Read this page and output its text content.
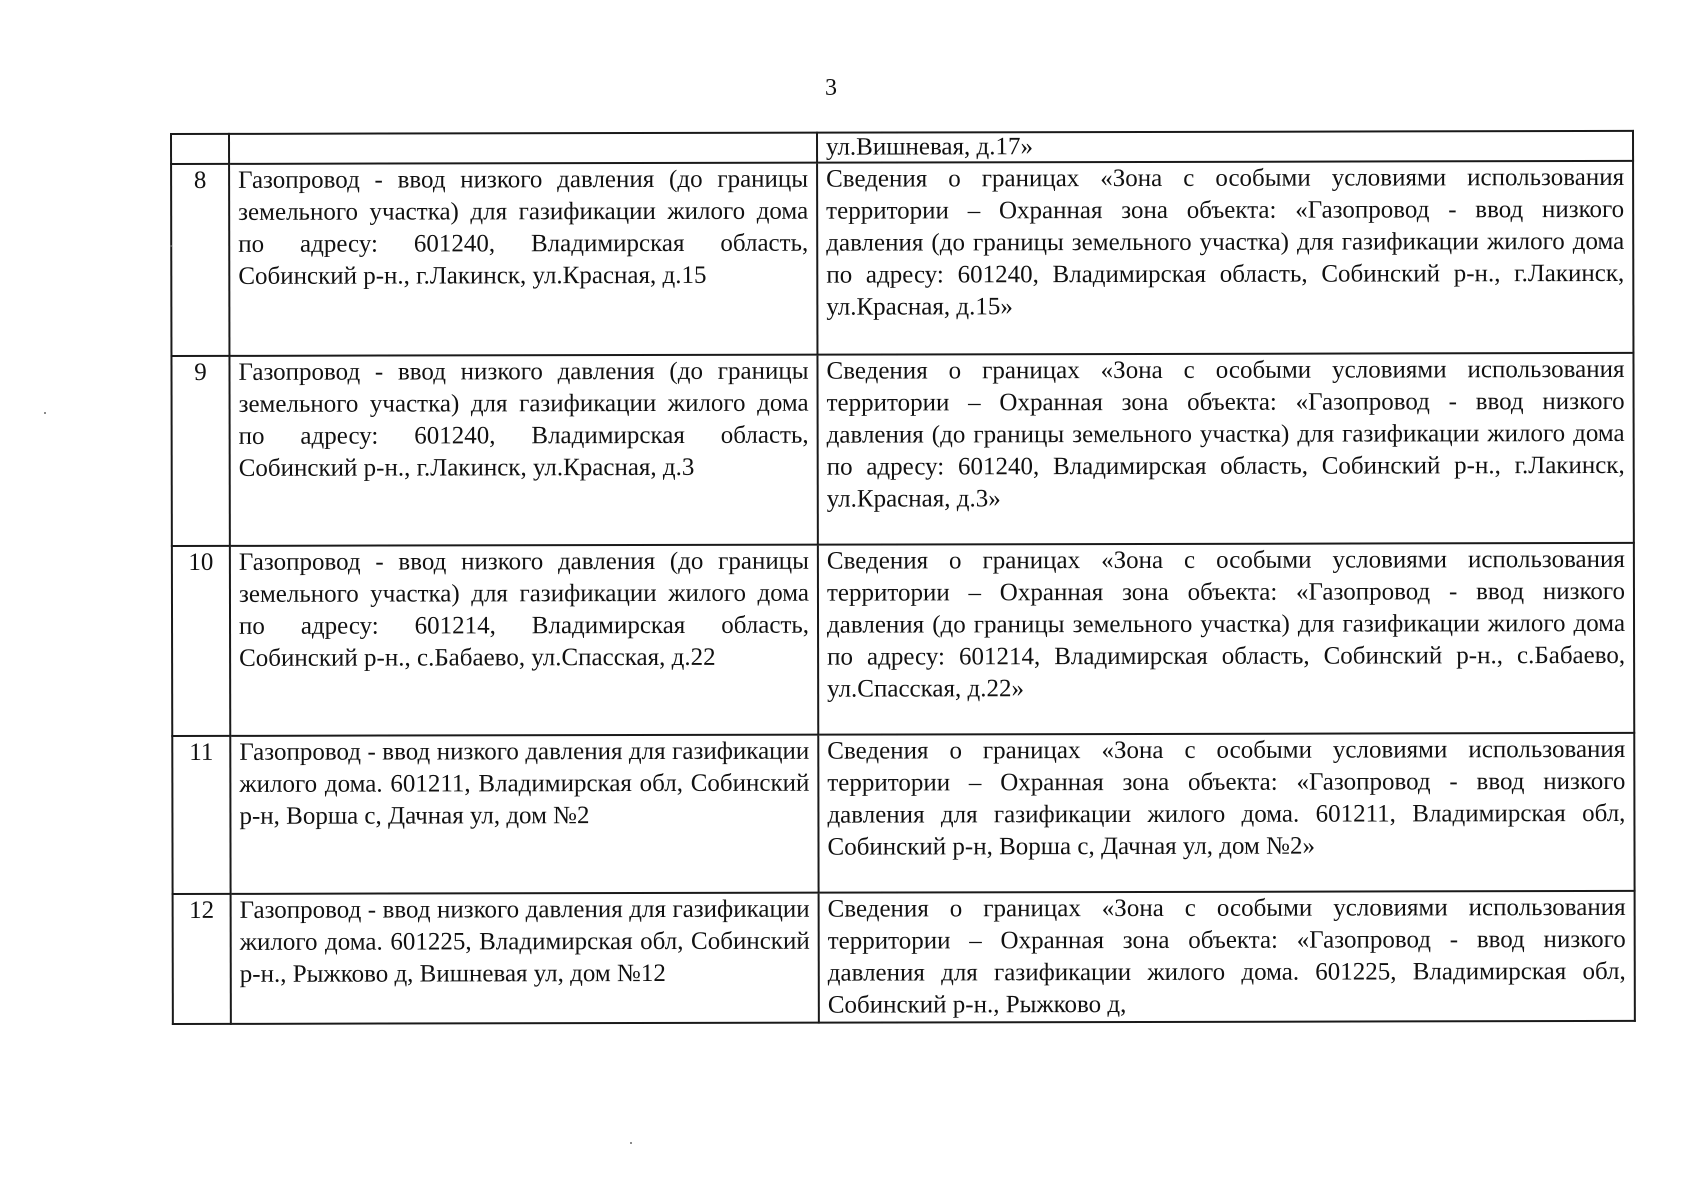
3
		ул.Вишневая, д.17»
8	Газопровод - ввод низкого давления (до границы земельного участка) для газификации жилого дома по адресу: 601240, Владимирская область, Собинский р-н., г.Лакинск, ул.Красная, д.15	Сведения о границах «Зона с особыми условиями использования территории – Охранная зона объекта: «Газопровод - ввод низкого давления (до границы земельного участка) для газификации жилого дома по адресу: 601240, Владимирская область, Собинский р-н., г.Лакинск, ул.Красная, д.15»
9	Газопровод - ввод низкого давления (до границы земельного участка) для газификации жилого дома по адресу: 601240, Владимирская область, Собинский р-н., г.Лакинск, ул.Красная, д.3	Сведения о границах «Зона с особыми условиями использования территории – Охранная зона объекта: «Газопровод - ввод низкого давления (до границы земельного участка) для газификации жилого дома по адресу: 601240, Владимирская область, Собинский р-н., г.Лакинск, ул.Красная, д.3»
10	Газопровод - ввод низкого давления (до границы земельного участка) для газификации жилого дома по адресу: 601214, Владимирская область, Собинский р-н., с.Бабаево, ул.Спасская, д.22	Сведения о границах «Зона с особыми условиями использования территории – Охранная зона объекта: «Газопровод - ввод низкого давления (до границы земельного участка) для газификации жилого дома по адресу: 601214, Владимирская область, Собинский р-н., с.Бабаево, ул.Спасская, д.22»
11	Газопровод - ввод низкого давления для газификации жилого дома. 601211, Владимирская обл, Собинский р-н, Ворша с, Дачная ул, дом №2	Сведения о границах «Зона с особыми условиями использования территории – Охранная зона объекта: «Газопровод - ввод низкого давления для газификации жилого дома. 601211, Владимирская обл, Собинский р-н, Ворша с, Дачная ул, дом №2»
12	Газопровод - ввод низкого давления для газификации жилого дома. 601225, Владимирская обл, Собинский р-н., Рыжково д, Вишневая ул, дом №12	Сведения о границах «Зона с особыми условиями использования территории – Охранная зона объекта: «Газопровод - ввод низкого давления для газификации жилого дома. 601225, Владимирская обл, Собинский р-н., Рыжково д,
